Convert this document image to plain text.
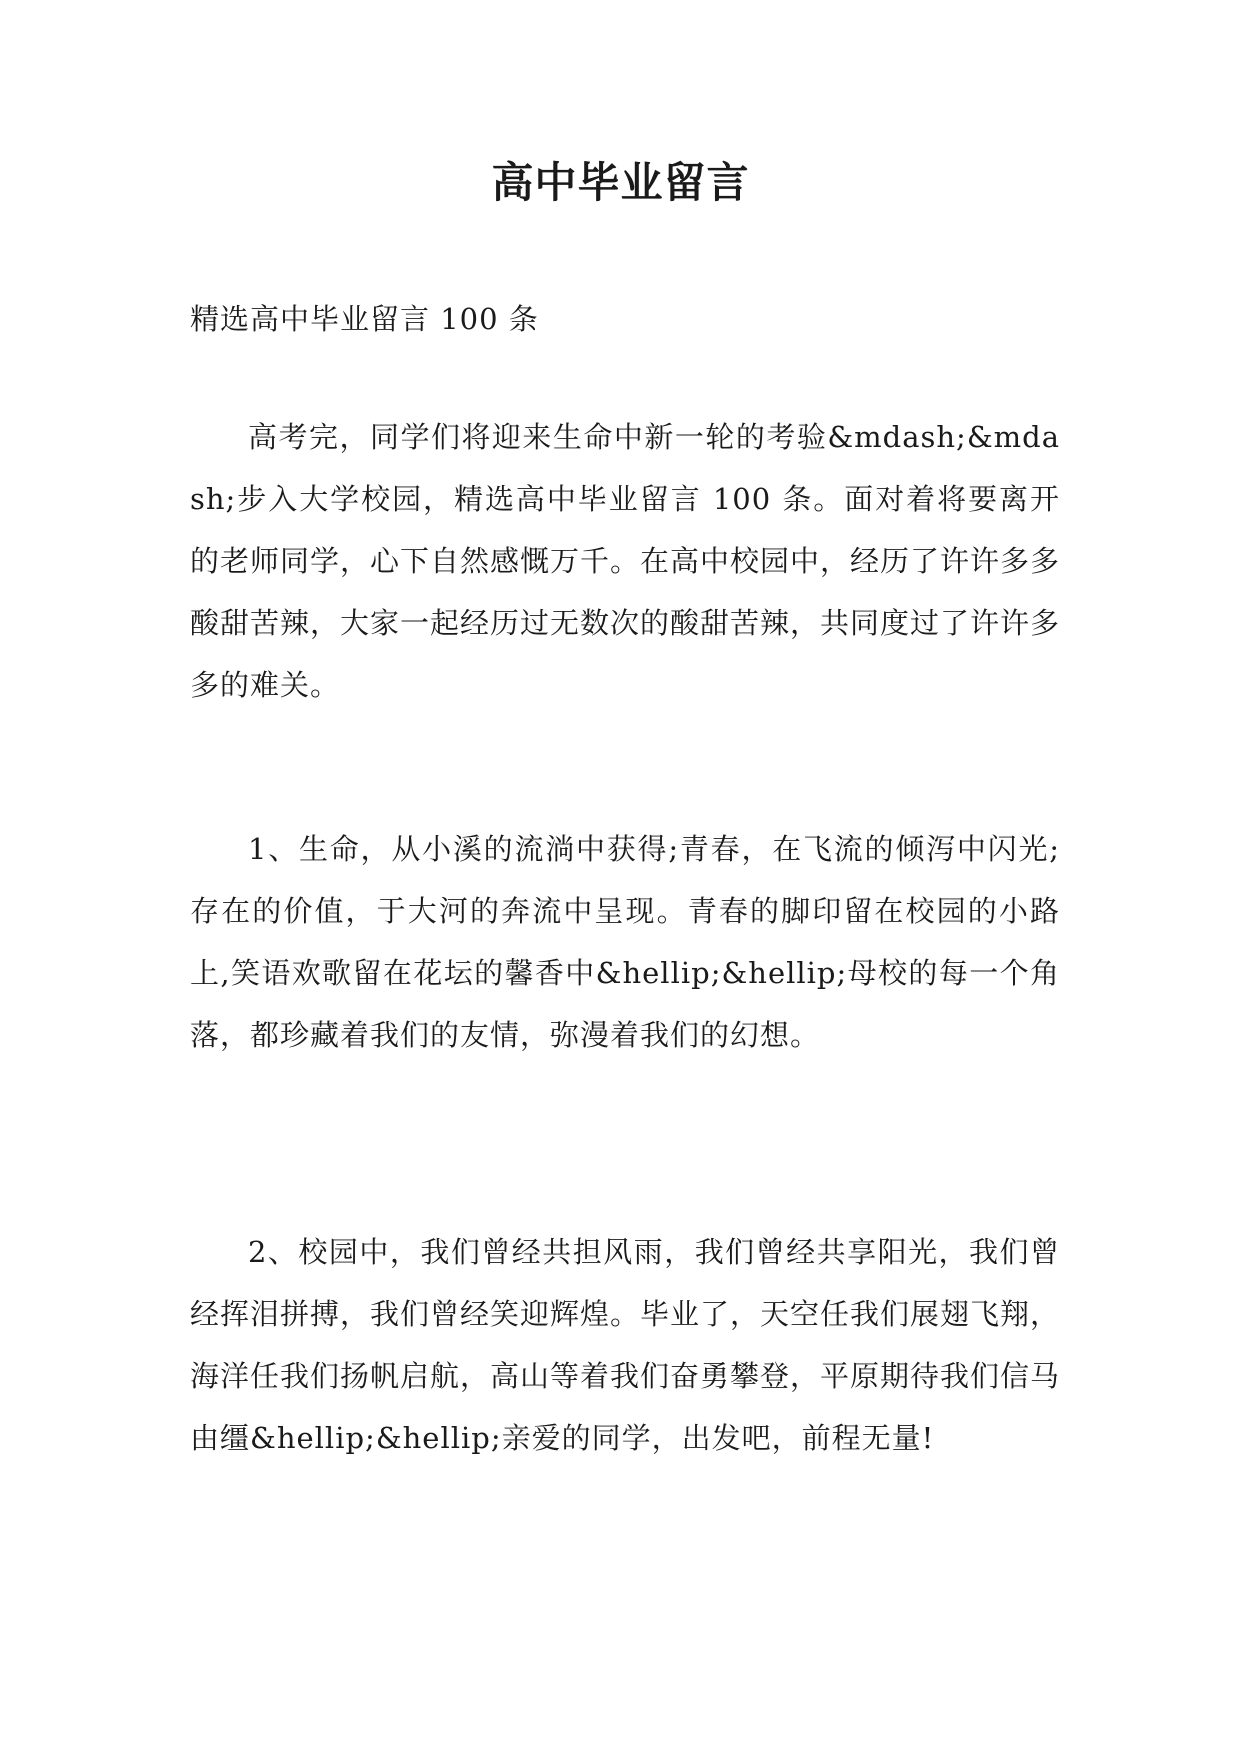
高中毕业留言
精选高中毕业留言 100 条

高考完，同学们将迎来生命中新一轮的考验&mdash;&mdash;步入大学校园，精选高中毕业留言 100 条。面对着将要离开的老师同学，心下自然感慨万千。在高中校园中，经历了许许多多酸甜苦辣，大家一起经历过无数次的酸甜苦辣，共同度过了许许多多的难关。

1、生命，从小溪的流淌中获得;青春，在飞流的倾泻中闪光;存在的价值，于大河的奔流中呈现。青春的脚印留在校园的小路上,笑语欢歌留在花坛的馨香中&hellip;&hellip;母校的每一个角落，都珍藏着我们的友情，弥漫着我们的幻想。

2、校园中，我们曾经共担风雨，我们曾经共享阳光，我们曾经挥泪拼搏，我们曾经笑迎辉煌。毕业了，天空任我们展翅飞翔，海洋任我们扬帆启航，高山等着我们奋勇攀登，平原期待我们信马由缰&hellip;&hellip;亲爱的同学，出发吧，前程无量!
